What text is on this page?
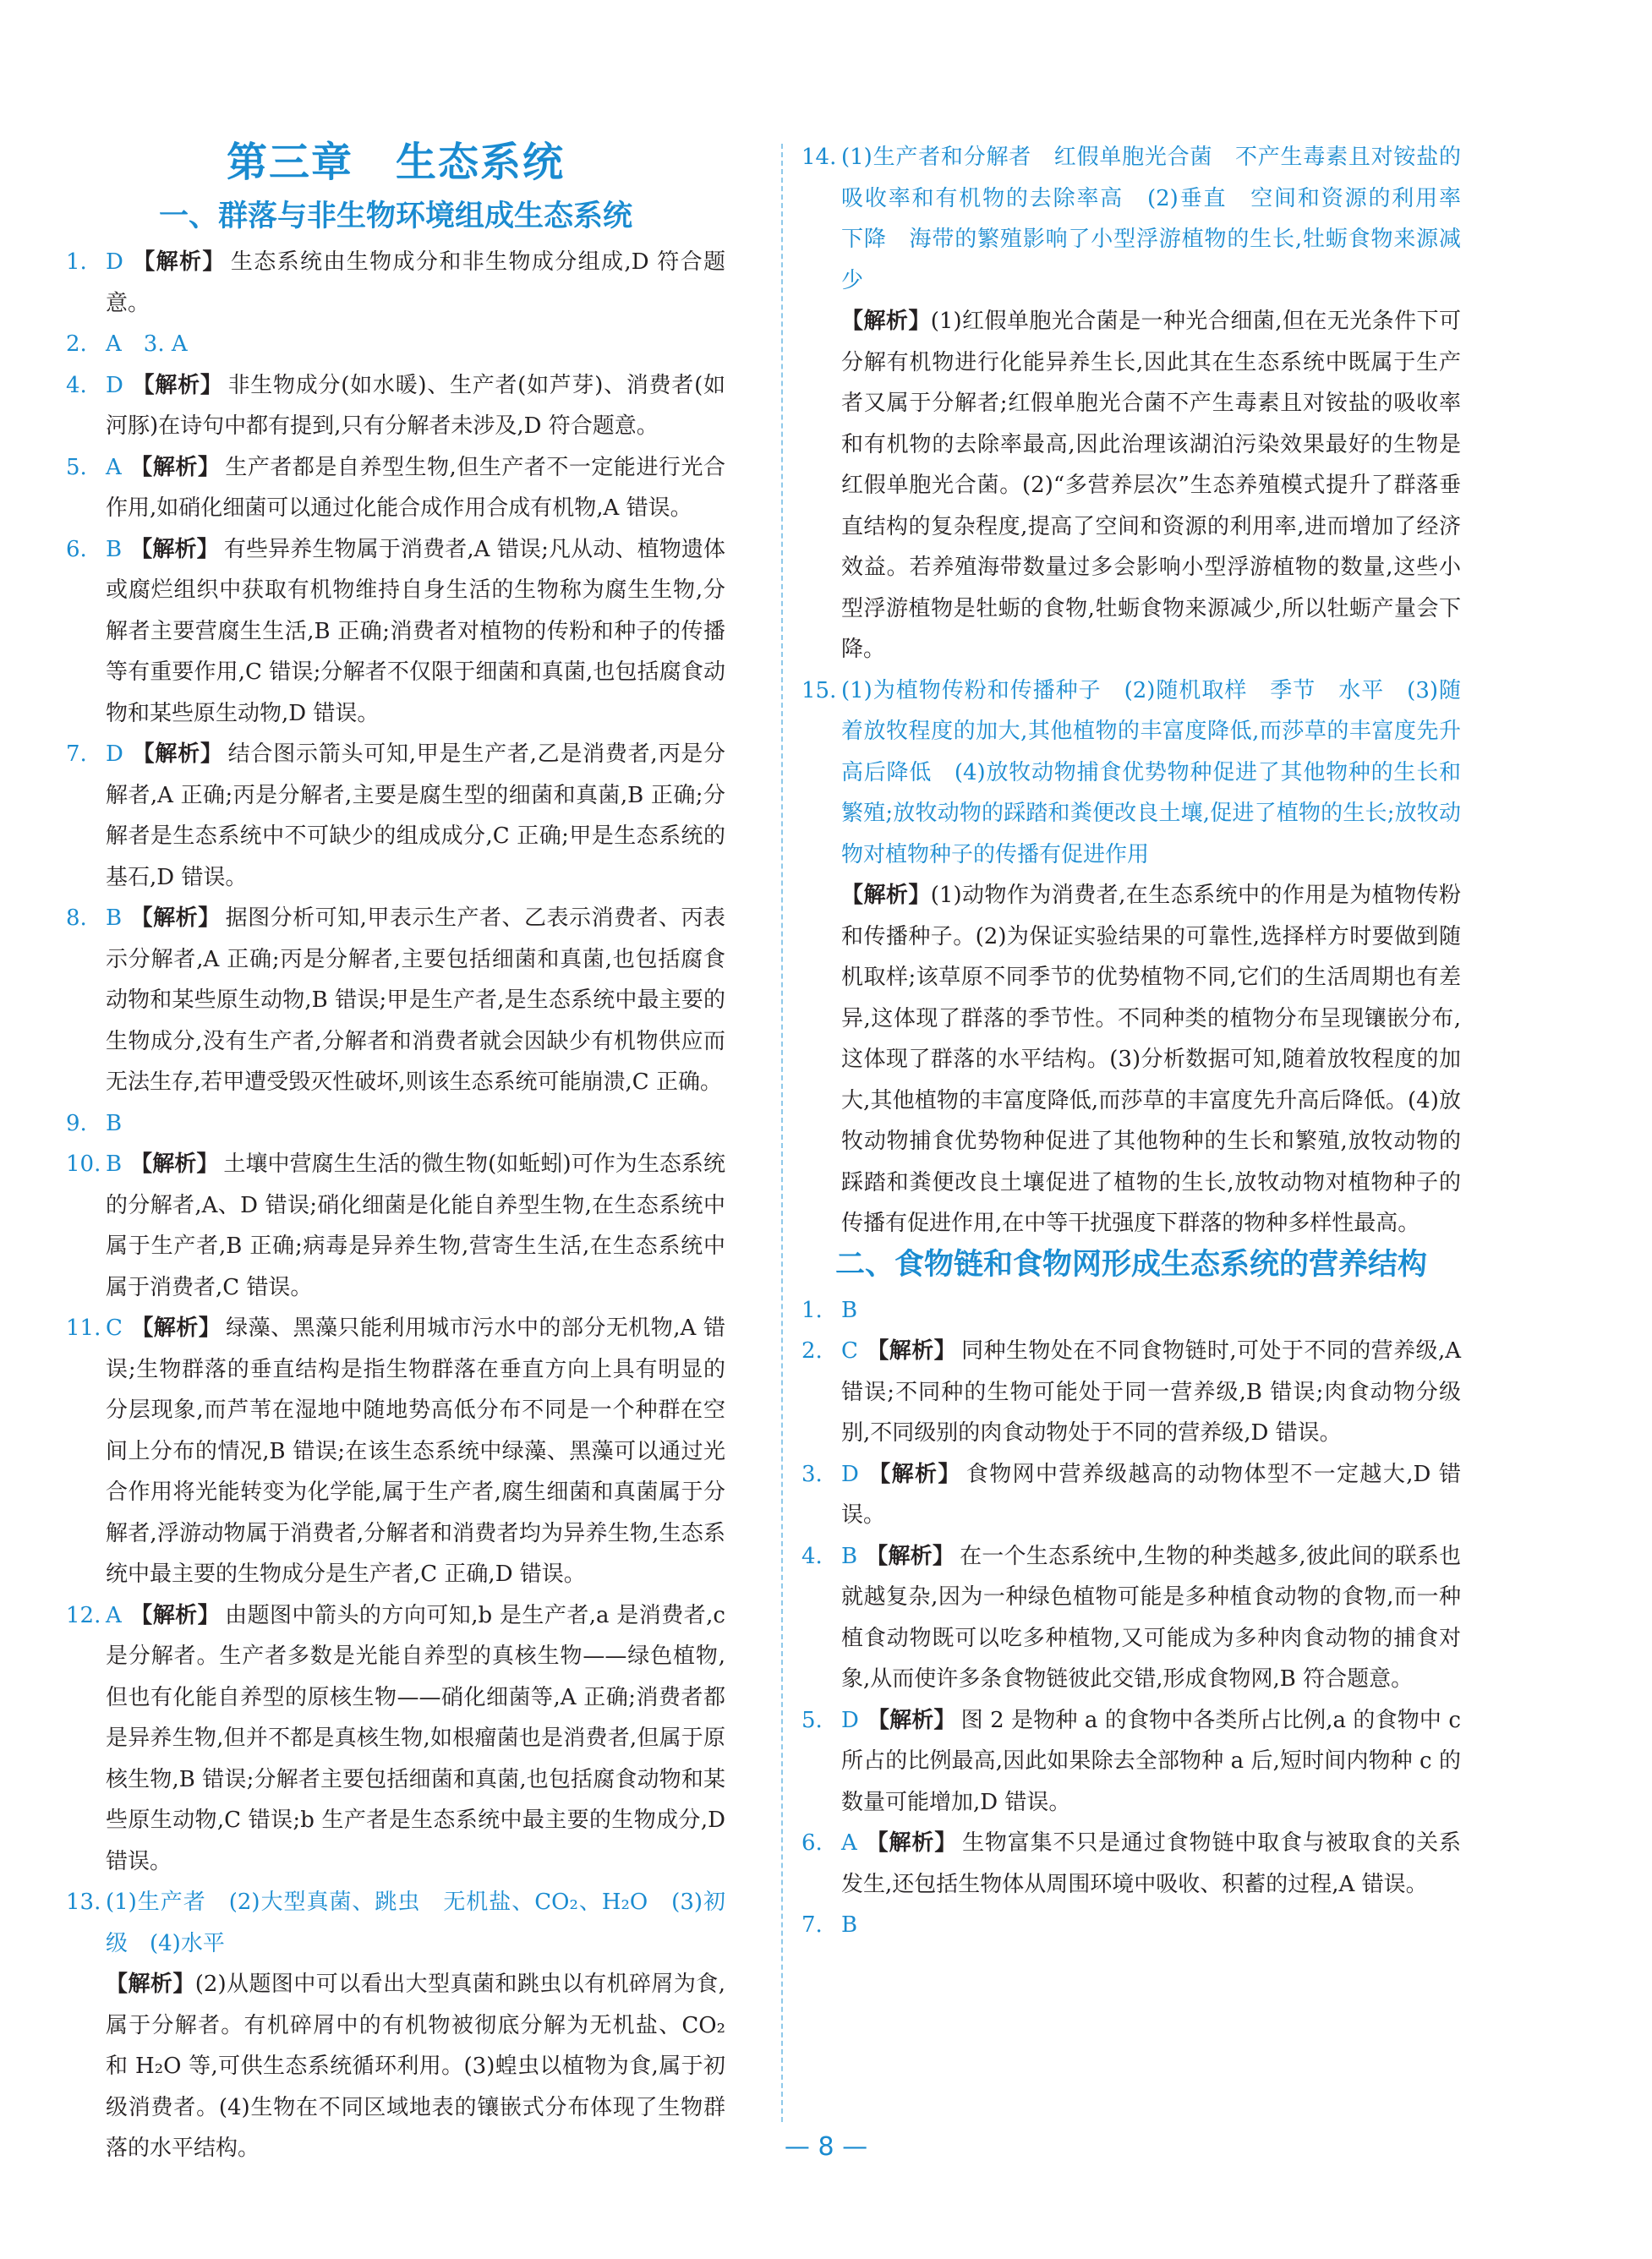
第三章　生态系统
一、群落与非生物环境组成生态系统

1. D 【解析】 生态系统由生物成分和非生物成分组成,D 符合题意。

2. A　3. A

4. D 【解析】 非生物成分(如水暖)、生产者(如芦芽)、消费者(如河豚)在诗句中都有提到,只有分解者未涉及,D 符合题意。

5. A 【解析】 生产者都是自养型生物,但生产者不一定能进行光合作用,如硝化细菌可以通过化能合成作用合成有机物,A 错误。

6. B 【解析】 有些异养生物属于消费者,A 错误;凡从动、植物遗体或腐烂组织中获取有机物维持自身生活的生物称为腐生生物,分解者主要营腐生生活,B 正确;消费者对植物的传粉和种子的传播等有重要作用,C 错误;分解者不仅限于细菌和真菌,也包括腐食动物和某些原生动物,D 错误。

7. D 【解析】 结合图示箭头可知,甲是生产者,乙是消费者,丙是分解者,A 正确;丙是分解者,主要是腐生型的细菌和真菌,B 正确;分解者是生态系统中不可缺少的组成成分,C 正确;甲是生态系统的基石,D 错误。

8. B 【解析】 据图分析可知,甲表示生产者、乙表示消费者、丙表示分解者,A 正确;丙是分解者,主要包括细菌和真菌,也包括腐食动物和某些原生动物,B 错误;甲是生产者,是生态系统中最主要的生物成分,没有生产者,分解者和消费者就会因缺少有机物供应而无法生存,若甲遭受毁灭性破坏,则该生态系统可能崩溃,C 正确。

9. B

10. B 【解析】 土壤中营腐生生活的微生物(如蚯蚓)可作为生态系统的分解者,A、D 错误;硝化细菌是化能自养型生物,在生态系统中属于生产者,B 正确;病毒是异养生物,营寄生生活,在生态系统中属于消费者,C 错误。

11. C 【解析】 绿藻、黑藻只能利用城市污水中的部分无机物,A 错误;生物群落的垂直结构是指生物群落在垂直方向上具有明显的分层现象,而芦苇在湿地中随地势高低分布不同是一个种群在空间上分布的情况,B 错误;在该生态系统中绿藻、黑藻可以通过光合作用将光能转变为化学能,属于生产者,腐生细菌和真菌属于分解者,浮游动物属于消费者,分解者和消费者均为异养生物,生态系统中最主要的生物成分是生产者,C 正确,D 错误。

12. A 【解析】 由题图中箭头的方向可知,b 是生产者,a 是消费者,c 是分解者。生产者多数是光能自养型的真核生物——绿色植物,但也有化能自养型的原核生物——硝化细菌等,A 正确;消费者都是异养生物,但并不都是真核生物,如根瘤菌也是消费者,但属于原核生物,B 错误;分解者主要包括细菌和真菌,也包括腐食动物和某些原生动物,C 错误;b 生产者是生态系统中最主要的生物成分,D 错误。

13. (1)生产者　(2)大型真菌、跳虫　无机盐、CO₂、H₂O　(3)初级　(4)水平

【解析】(2)从题图中可以看出大型真菌和跳虫以有机碎屑为食,属于分解者。有机碎屑中的有机物被彻底分解为无机盐、CO₂ 和 H₂O 等,可供生态系统循环利用。(3)蝗虫以植物为食,属于初级消费者。(4)生物在不同区域地表的镶嵌式分布体现了生物群落的水平结构。

14. (1)生产者和分解者　红假单胞光合菌　不产生毒素且对铵盐的吸收率和有机物的去除率高　(2)垂直　空间和资源的利用率　下降　海带的繁殖影响了小型浮游植物的生长,牡蛎食物来源减少

【解析】(1)红假单胞光合菌是一种光合细菌,但在无光条件下可分解有机物进行化能异养生长,因此其在生态系统中既属于生产者又属于分解者;红假单胞光合菌不产生毒素且对铵盐的吸收率和有机物的去除率最高,因此治理该湖泊污染效果最好的生物是红假单胞光合菌。(2)“多营养层次”生态养殖模式提升了群落垂直结构的复杂程度,提高了空间和资源的利用率,进而增加了经济效益。若养殖海带数量过多会影响小型浮游植物的数量,这些小型浮游植物是牡蛎的食物,牡蛎食物来源减少,所以牡蛎产量会下降。

15. (1)为植物传粉和传播种子　(2)随机取样　季节　水平　(3)随着放牧程度的加大,其他植物的丰富度降低,而莎草的丰富度先升高后降低　(4)放牧动物捕食优势物种促进了其他物种的生长和繁殖;放牧动物的踩踏和粪便改良土壤,促进了植物的生长;放牧动物对植物种子的传播有促进作用

【解析】(1)动物作为消费者,在生态系统中的作用是为植物传粉和传播种子。(2)为保证实验结果的可靠性,选择样方时要做到随机取样;该草原不同季节的优势植物不同,它们的生活周期也有差异,这体现了群落的季节性。不同种类的植物分布呈现镶嵌分布,这体现了群落的水平结构。(3)分析数据可知,随着放牧程度的加大,其他植物的丰富度降低,而莎草的丰富度先升高后降低。(4)放牧动物捕食优势物种促进了其他物种的生长和繁殖,放牧动物的踩踏和粪便改良土壤促进了植物的生长,放牧动物对植物种子的传播有促进作用,在中等干扰强度下群落的物种多样性最高。

二、食物链和食物网形成生态系统的营养结构

1. B

2. C 【解析】 同种生物处在不同食物链时,可处于不同的营养级,A 错误;不同种的生物可能处于同一营养级,B 错误;肉食动物分级别,不同级别的肉食动物处于不同的营养级,D 错误。

3. D 【解析】 食物网中营养级越高的动物体型不一定越大,D 错误。

4. B 【解析】 在一个生态系统中,生物的种类越多,彼此间的联系也就越复杂,因为一种绿色植物可能是多种植食动物的食物,而一种植食动物既可以吃多种植物,又可能成为多种肉食动物的捕食对象,从而使许多条食物链彼此交错,形成食物网,B 符合题意。

5. D 【解析】 图 2 是物种 a 的食物中各类所占比例,a 的食物中 c 所占的比例最高,因此如果除去全部物种 a 后,短时间内物种 c 的数量可能增加,D 错误。

6. A 【解析】 生物富集不只是通过食物链中取食与被取食的关系发生,还包括生物体从周围环境中吸收、积蓄的过程,A 错误。

7. B

— 8 —
